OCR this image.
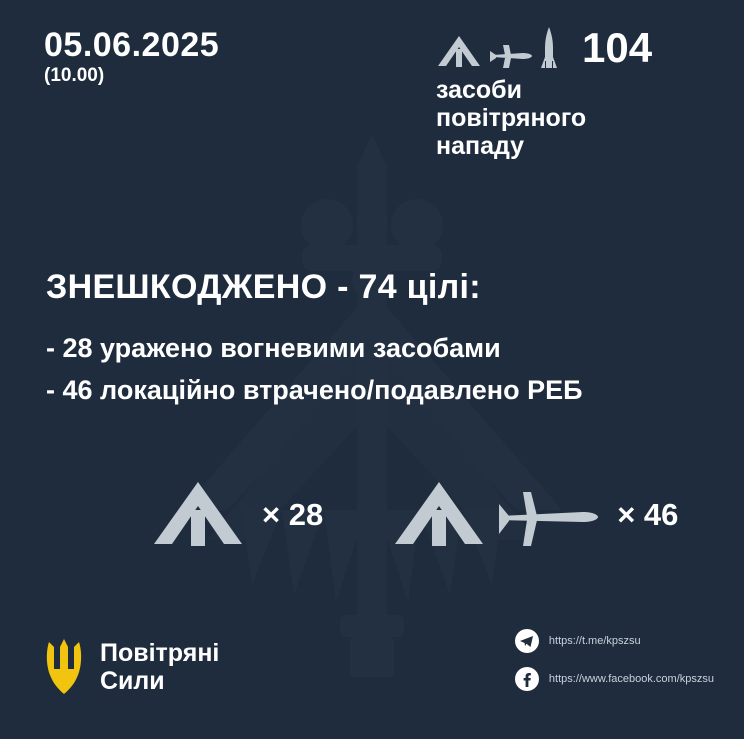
05.06.2025
(10.00)
104
засоби
повітряного
нападу
ЗНЕШКОДЖЕНО - 74 цілі:
- 28 уражено вогневими засобами
- 46 локаційно втрачено/подавлено РЕБ
× 28	× 46
Повітряні
Сили
https://t.me/kpszsu
https://www.facebook.com/kpszsu
